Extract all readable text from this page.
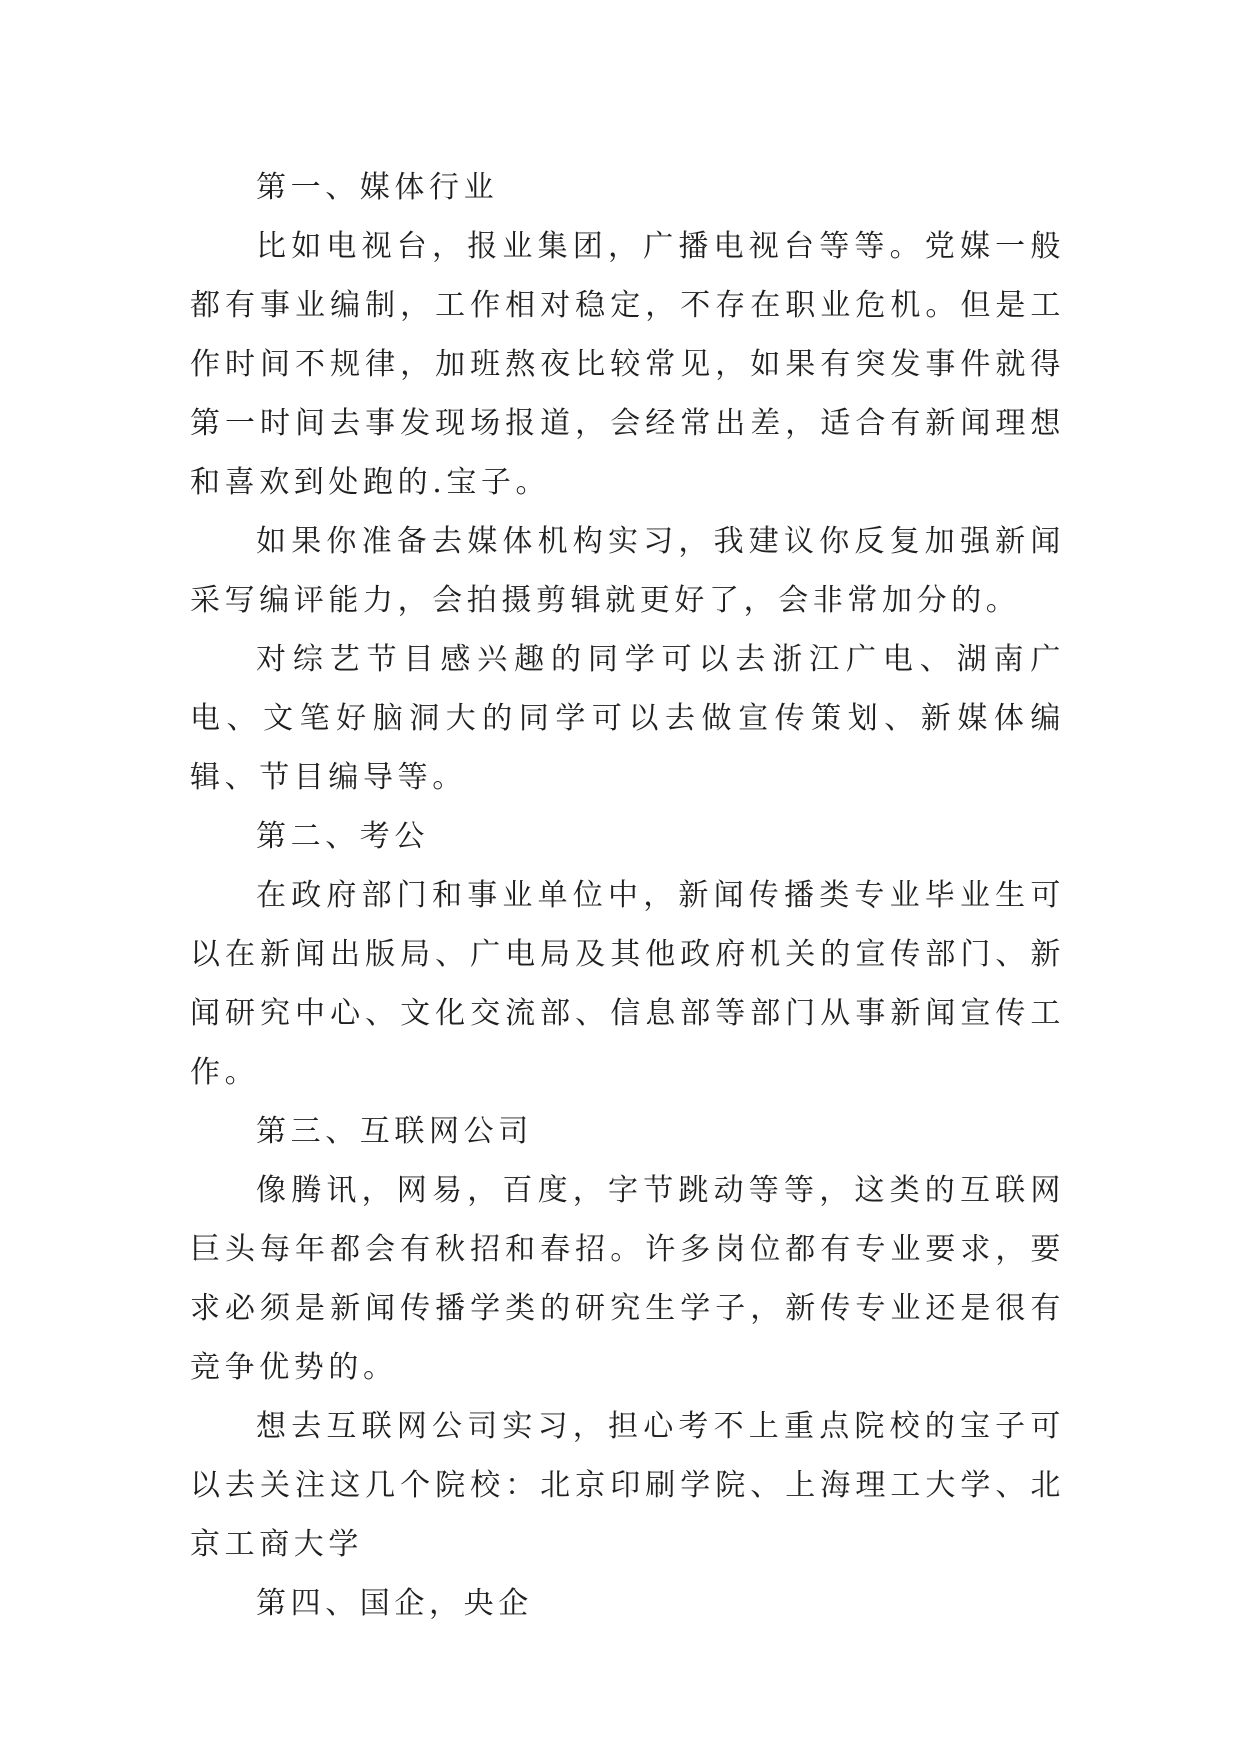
第一、媒体行业

比如电视台，报业集团，广播电视台等等。党媒一般都有事业编制，工作相对稳定，不存在职业危机。但是工作时间不规律，加班熬夜比较常见，如果有突发事件就得第一时间去事发现场报道，会经常出差，适合有新闻理想和喜欢到处跑的.宝子。

如果你准备去媒体机构实习，我建议你反复加强新闻采写编评能力，会拍摄剪辑就更好了，会非常加分的。

对综艺节目感兴趣的同学可以去浙江广电、湖南广电、文笔好脑洞大的同学可以去做宣传策划、新媒体编辑、节目编导等。

第二、考公

在政府部门和事业单位中，新闻传播类专业毕业生可以在新闻出版局、广电局及其他政府机关的宣传部门、新闻研究中心、文化交流部、信息部等部门从事新闻宣传工作。

第三、互联网公司

像腾讯，网易，百度，字节跳动等等，这类的互联网巨头每年都会有秋招和春招。许多岗位都有专业要求，要求必须是新闻传播学类的研究生学子，新传专业还是很有竞争优势的。

想去互联网公司实习，担心考不上重点院校的宝子可以去关注这几个院校：北京印刷学院、上海理工大学、北京工商大学

第四、国企，央企
